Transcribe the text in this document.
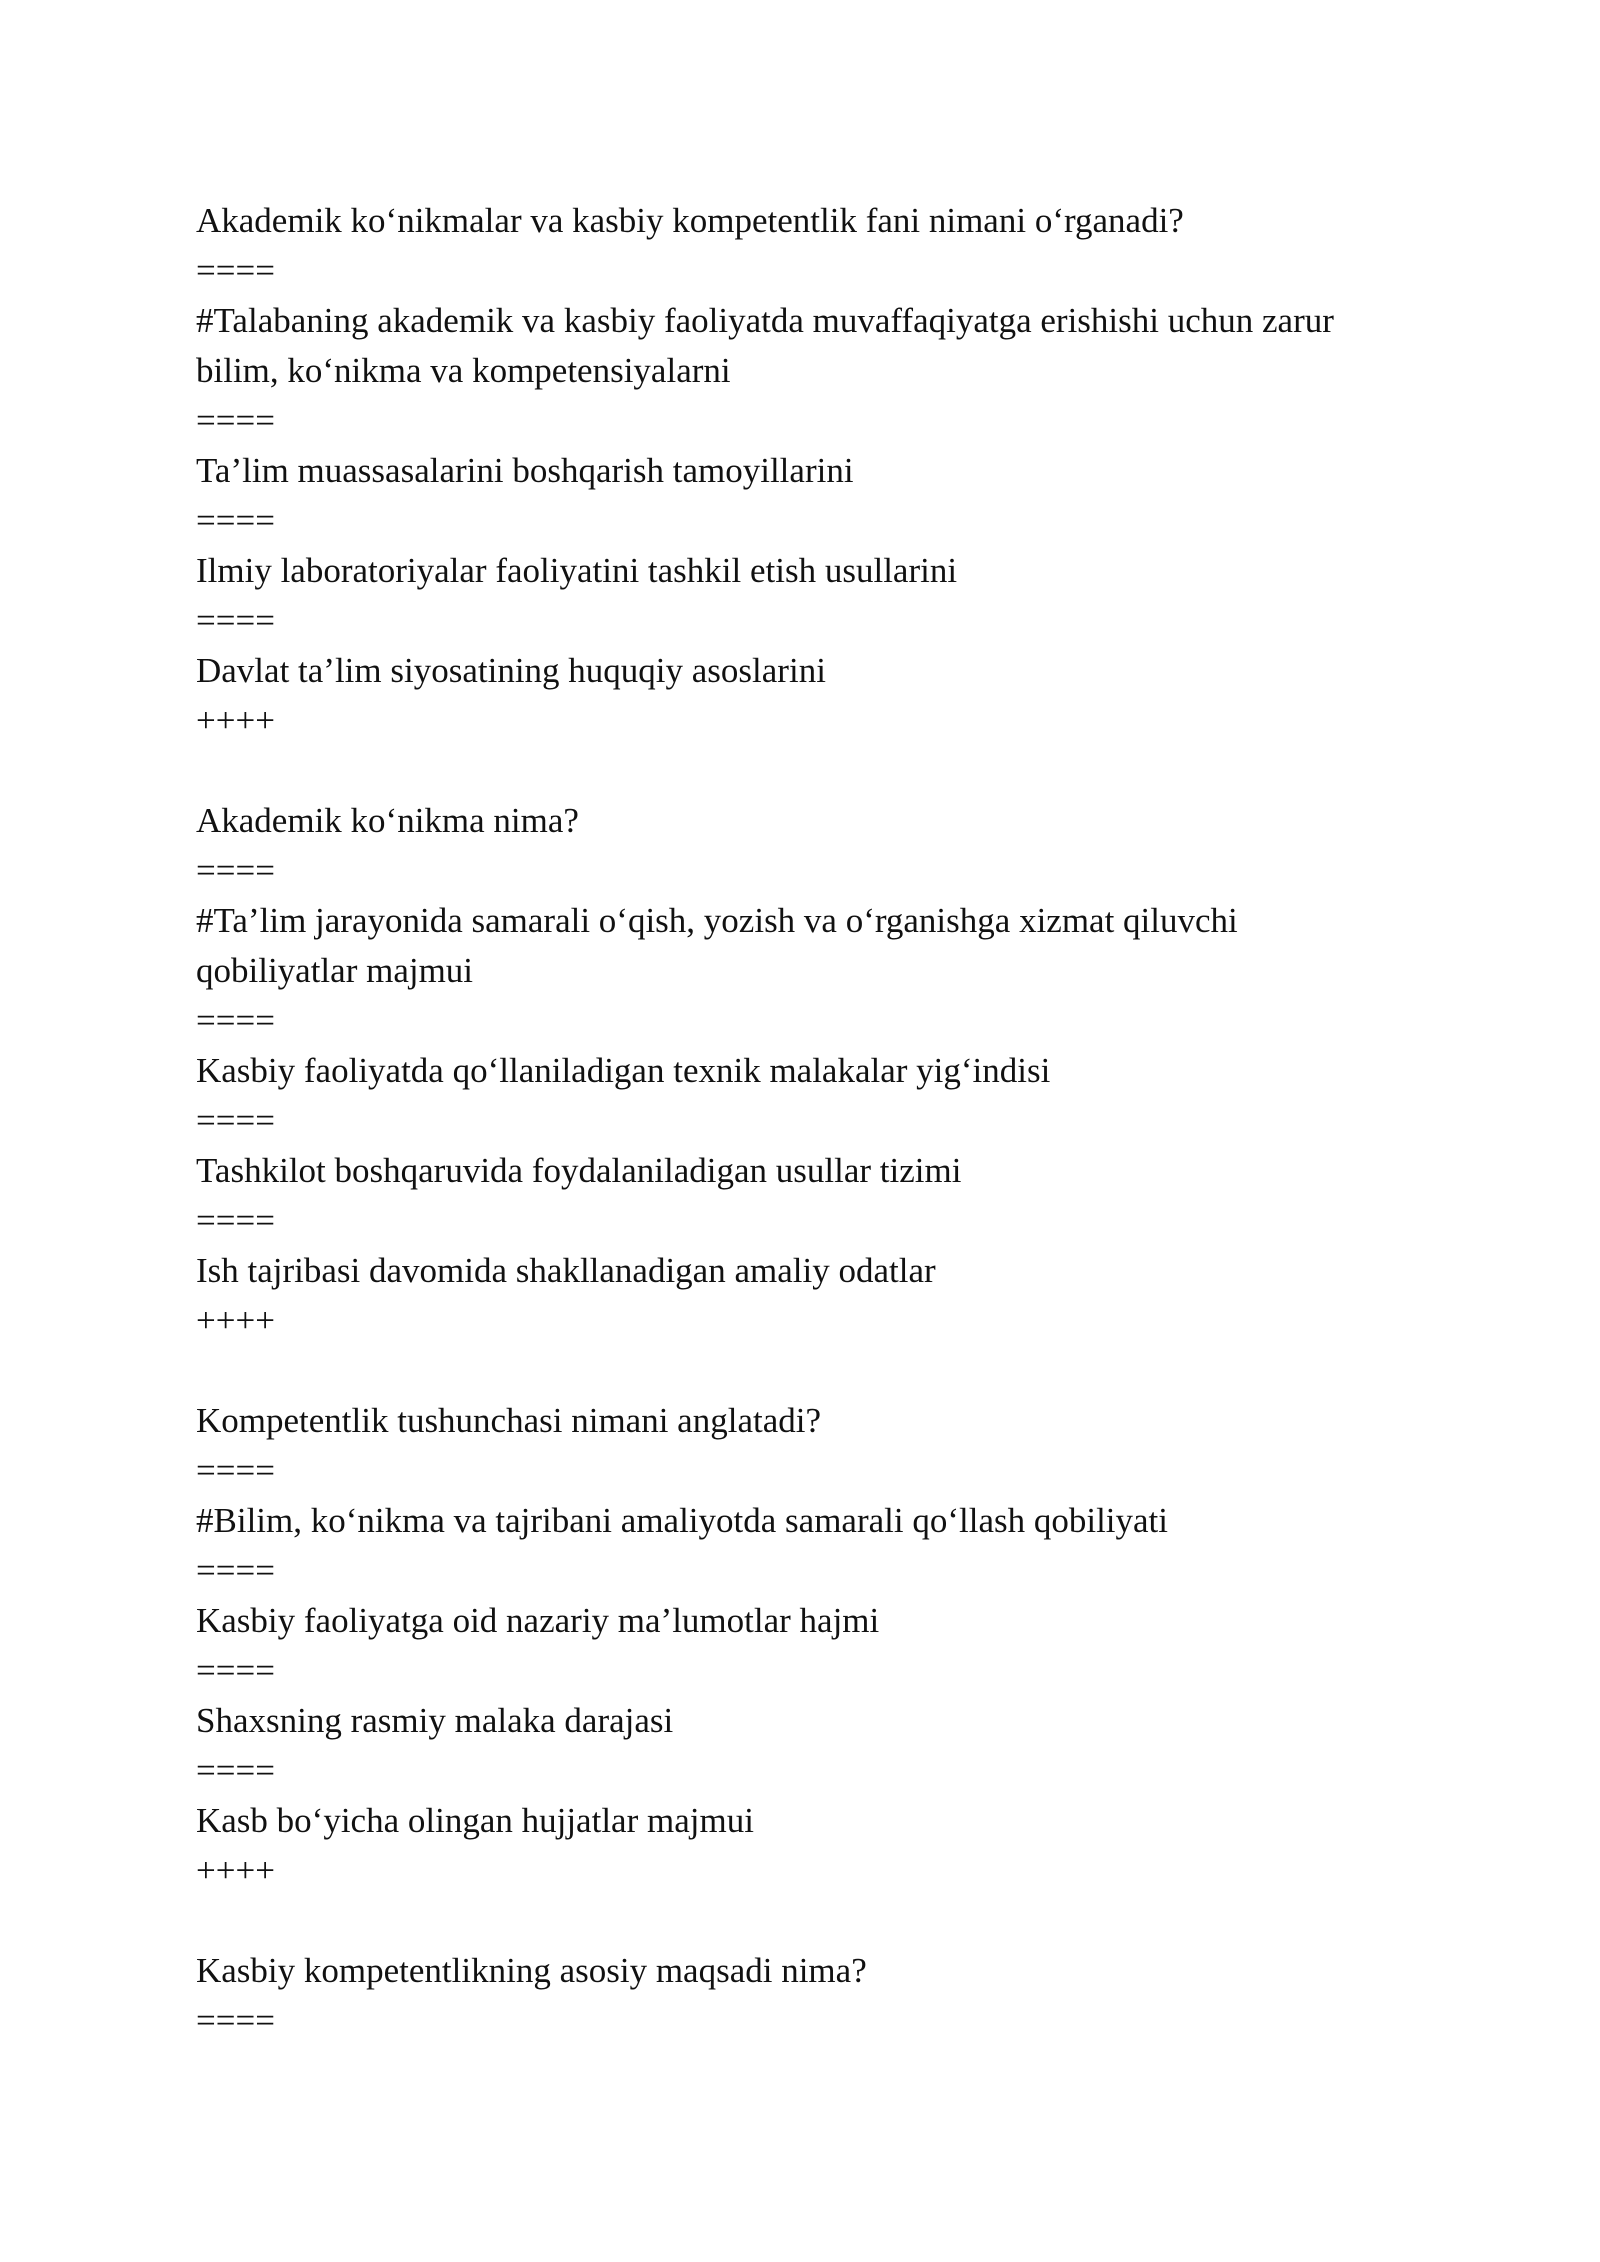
Akademik ko‘nikmalar va kasbiy kompetentlik fani nimani o‘rganadi?
====
#Talabaning akademik va kasbiy faoliyatda muvaffaqiyatga erishishi uchun zarur bilim, ko‘nikma va kompetensiyalarni
====
Ta’lim muassasalarini boshqarish tamoyillarini
====
Ilmiy laboratoriyalar faoliyatini tashkil etish usullarini
====
Davlat ta’lim siyosatining huquqiy asoslarini
++++
Akademik ko‘nikma nima?
====
#Ta’lim jarayonida samarali o‘qish, yozish va o‘rganishga xizmat qiluvchi qobiliyatlar majmui
====
Kasbiy faoliyatda qo‘llaniladigan texnik malakalar yig‘indisi
====
Tashkilot boshqaruvida foydalaniladigan usullar tizimi
====
Ish tajribasi davomida shakllanadigan amaliy odatlar
++++
Kompetentlik tushunchasi nimani anglatadi?
====
#Bilim, ko‘nikma va tajribani amaliyotda samarali qo‘llash qobiliyati
====
Kasbiy faoliyatga oid nazariy ma’lumotlar hajmi
====
Shaxsning rasmiy malaka darajasi
====
Kasb bo‘yicha olingan hujjatlar majmui
++++
Kasbiy kompetentlikning asosiy maqsadi nima?
====
